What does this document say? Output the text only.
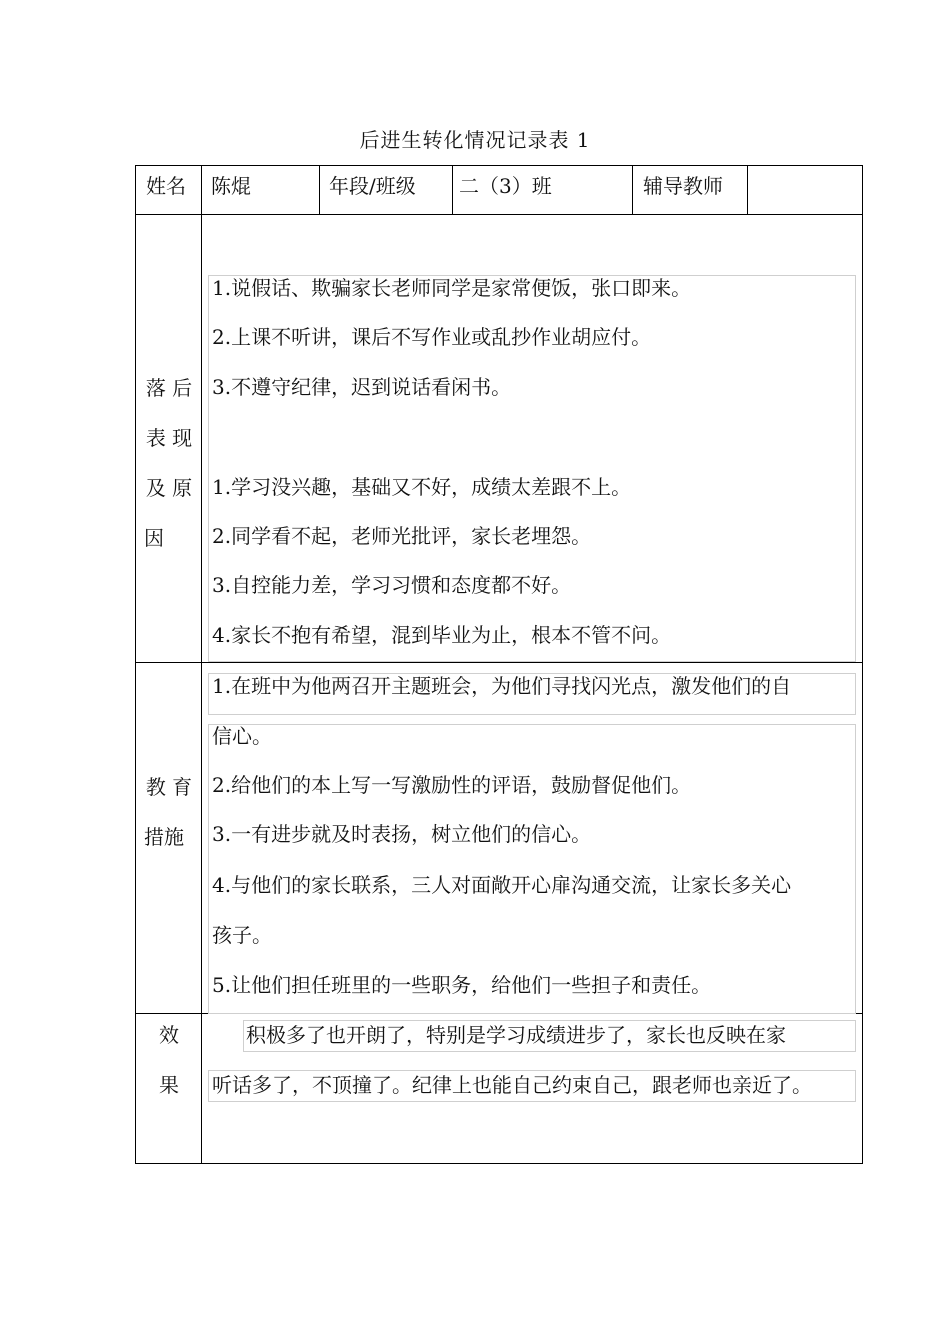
后进生转化情况记录表 1
姓名 陈焜	年段/班级 二（3）班	辅导教师
落 后
表 现
及 原
因
1.说假话、欺骗家长老师同学是家常便饭，张口即来。
2.上课不听讲，课后不写作业或乱抄作业胡应付。
3.不遵守纪律，迟到说话看闲书。
1.学习没兴趣，基础又不好，成绩太差跟不上。
2.同学看不起，老师光批评，家长老埋怨。
3.自控能力差，学习习惯和态度都不好。
4.家长不抱有希望，混到毕业为止，根本不管不问。
教 育
措施
1.在班中为他两召开主题班会，为他们寻找闪光点，激发他们的自
信心。
2.给他们的本上写一写激励性的评语，鼓励督促他们。
3.一有进步就及时表扬，树立他们的信心。
4.与他们的家长联系，三人对面敞开心扉沟通交流，让家长多关心
孩子。
5.让他们担任班里的一些职务，给他们一些担子和责任。
效
果
积极多了也开朗了，特别是学习成绩进步了，家长也反映在家
听话多了，不顶撞了。纪律上也能自己约束自己，跟老师也亲近了。
